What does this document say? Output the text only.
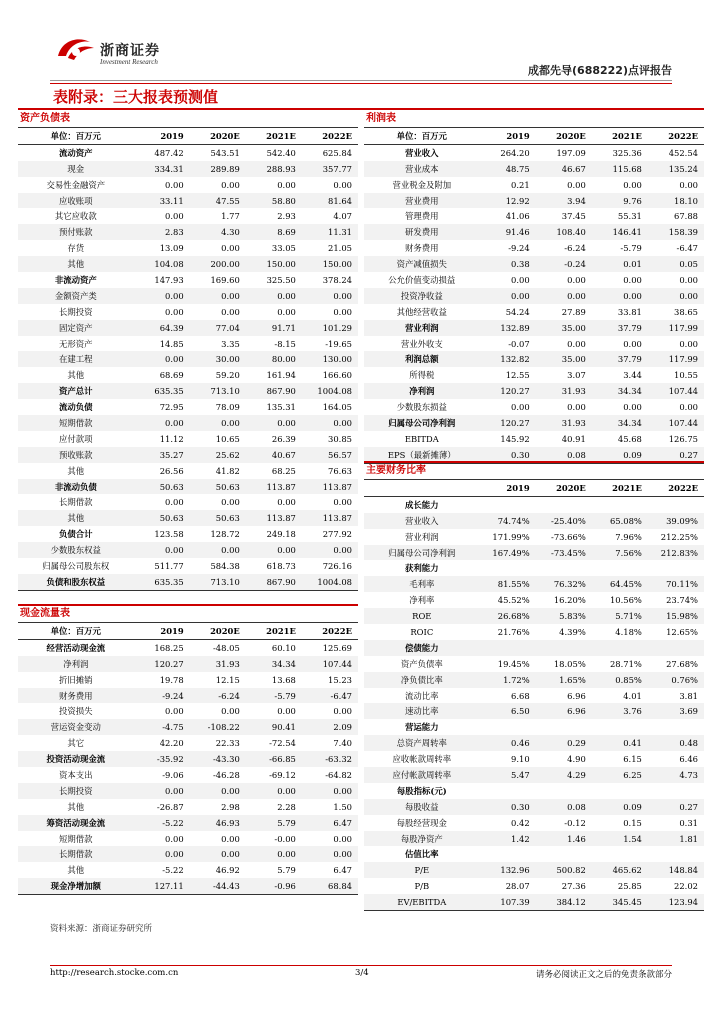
浙商证券
Investment Research
成都先导(688222)点评报告
表附录：三大报表预测值
资产负债表
单位：百万元	2019	2020E	2021E	2022E
流动资产	487.42	543.51	542.40	625.84
现金	334.31	289.89	288.93	357.77
交易性金融资产	0.00	0.00	0.00	0.00
应收账项	33.11	47.55	58.80	81.64
其它应收款	0.00	1.77	2.93	4.07
预付账款	2.83	4.30	8.69	11.31
存货	13.09	0.00	33.05	21.05
其他	104.08	200.00	150.00	150.00
非流动资产	147.93	169.60	325.50	378.24
金额资产类	0.00	0.00	0.00	0.00
长期投资	0.00	0.00	0.00	0.00
固定资产	64.39	77.04	91.71	101.29
无形资产	14.85	3.35	-8.15	-19.65
在建工程	0.00	30.00	80.00	130.00
其他	68.69	59.20	161.94	166.60
资产总计	635.35	713.10	867.90	1004.08
流动负债	72.95	78.09	135.31	164.05
短期借款	0.00	0.00	0.00	0.00
应付款项	11.12	10.65	26.39	30.85
预收账款	35.27	25.62	40.67	56.57
其他	26.56	41.82	68.25	76.63
非流动负债	50.63	50.63	113.87	113.87
长期借款	0.00	0.00	0.00	0.00
其他	50.63	50.63	113.87	113.87
负债合计	123.58	128.72	249.18	277.92
少数股东权益	0.00	0.00	0.00	0.00
归属母公司股东权	511.77	584.38	618.73	726.16
负债和股东权益	635.35	713.10	867.90	1004.08
现金流量表
单位：百万元	2019	2020E	2021E	2022E
经营活动现金流	168.25	-48.05	60.10	125.69
净利润	120.27	31.93	34.34	107.44
折旧摊销	19.78	12.15	13.68	15.23
财务费用	-9.24	-6.24	-5.79	-6.47
投资损失	0.00	0.00	0.00	0.00
营运资金变动	-4.75	-108.22	90.41	2.09
其它	42.20	22.33	-72.54	7.40
投资活动现金流	-35.92	-43.30	-66.85	-63.32
资本支出	-9.06	-46.28	-69.12	-64.82
长期投资	0.00	0.00	0.00	0.00
其他	-26.87	2.98	2.28	1.50
筹资活动现金流	-5.22	46.93	5.79	6.47
短期借款	0.00	0.00	-0.00	0.00
长期借款	0.00	0.00	0.00	0.00
其他	-5.22	46.92	5.79	6.47
现金净增加额	127.11	-44.43	-0.96	68.84
利润表
单位：百万元	2019	2020E	2021E	2022E
营业收入	264.20	197.09	325.36	452.54
营业成本	48.75	46.67	115.68	135.24
营业税金及附加	0.21	0.00	0.00	0.00
营业费用	12.92	3.94	9.76	18.10
管理费用	41.06	37.45	55.31	67.88
研发费用	91.46	108.40	146.41	158.39
财务费用	-9.24	-6.24	-5.79	-6.47
资产减值损失	0.38	-0.24	0.01	0.05
公允价值变动损益	0.00	0.00	0.00	0.00
投资净收益	0.00	0.00	0.00	0.00
其他经营收益	54.24	27.89	33.81	38.65
营业利润	132.89	35.00	37.79	117.99
营业外收支	-0.07	0.00	0.00	0.00
利润总额	132.82	35.00	37.79	117.99
所得税	12.55	3.07	3.44	10.55
净利润	120.27	31.93	34.34	107.44
少数股东损益	0.00	0.00	0.00	0.00
归属母公司净利润	120.27	31.93	34.34	107.44
EBITDA	145.92	40.91	45.68	126.75
EPS（最新摊薄）	0.30	0.08	0.09	0.27
主要财务比率
	2019	2020E	2021E	2022E
成长能力				
营业收入	74.74%	-25.40%	65.08%	39.09%
营业利润	171.99%	-73.66%	7.96%	212.25%
归属母公司净利润	167.49%	-73.45%	7.56%	212.83%
获利能力				
毛利率	81.55%	76.32%	64.45%	70.11%
净利率	45.52%	16.20%	10.56%	23.74%
ROE	26.68%	5.83%	5.71%	15.98%
ROIC	21.76%	4.39%	4.18%	12.65%
偿债能力				
资产负债率	19.45%	18.05%	28.71%	27.68%
净负债比率	1.72%	1.65%	0.85%	0.76%
流动比率	6.68	6.96	4.01	3.81
速动比率	6.50	6.96	3.76	3.69
营运能力				
总资产周转率	0.46	0.29	0.41	0.48
应收帐款周转率	9.10	4.90	6.15	6.46
应付帐款周转率	5.47	4.29	6.25	4.73
每股指标(元)				
每股收益	0.30	0.08	0.09	0.27
每股经营现金	0.42	-0.12	0.15	0.31
每股净资产	1.42	1.46	1.54	1.81
估值比率				
P/E	132.96	500.82	465.62	148.84
P/B	28.07	27.36	25.85	22.02
EV/EBITDA	107.39	384.12	345.45	123.94
资料来源：浙商证券研究所
http://research.stocke.com.cn	3/4	请务必阅读正文之后的免责条款部分
